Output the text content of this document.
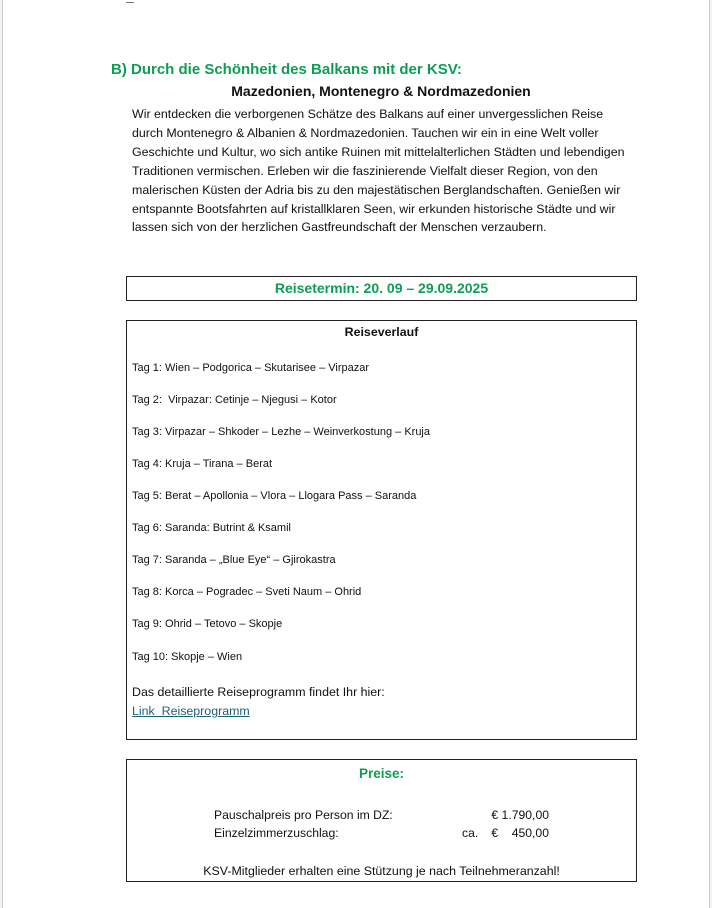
B) Durch die Schönheit des Balkans mit der KSV:
Mazedonien, Montenegro & Nordmazedonien

Wir entdecken die verborgenen Schätze des Balkans auf einer unvergesslichen Reise durch Montenegro & Albanien & Nordmazedonien. Tauchen wir ein in eine Welt voller Geschichte und Kultur, wo sich antike Ruinen mit mittelalterlichen Städten und lebendigen Traditionen vermischen. Erleben wir die faszinierende Vielfalt dieser Region, von den malerischen Küsten der Adria bis zu den majestätischen Berglandschaften. Genießen wir entspannte Bootsfahrten auf kristallklaren Seen, wir erkunden historische Städte und wir lassen sich von der herzlichen Gastfreundschaft der Menschen verzaubern.

Reisetermin: 20. 09 – 29.09.2025
Reiseverlauf
Tag 1: Wien – Podgorica – Skutarisee – Virpazar
Tag 2:  Virpazar: Cetinje – Njegusi – Kotor
Tag 3: Virpazar – Shkoder – Lezhe – Weinverkostung – Kruja
Tag 4: Kruja – Tirana – Berat
Tag 5: Berat – Apollonia – Vlora – Llogara Pass – Saranda
Tag 6: Saranda: Butrint & Ksamil
Tag 7: Saranda – „Blue Eye“ – Gjirokastra
Tag 8: Korca – Pogradec – Sveti Naum – Ohrid
Tag 9: Ohrid – Tetovo – Skopje
Tag 10: Skopje – Wien
Das detaillierte Reiseprogramm findet Ihr hier:
Link  Reiseprogramm
Preise:
Pauschalpreis pro Person im DZ:	€ 1.790,00
Einzelzimmerzuschlag:	ca. €    450,00
KSV-Mitglieder erhalten eine Stützung je nach Teilnehmeranzahl!
